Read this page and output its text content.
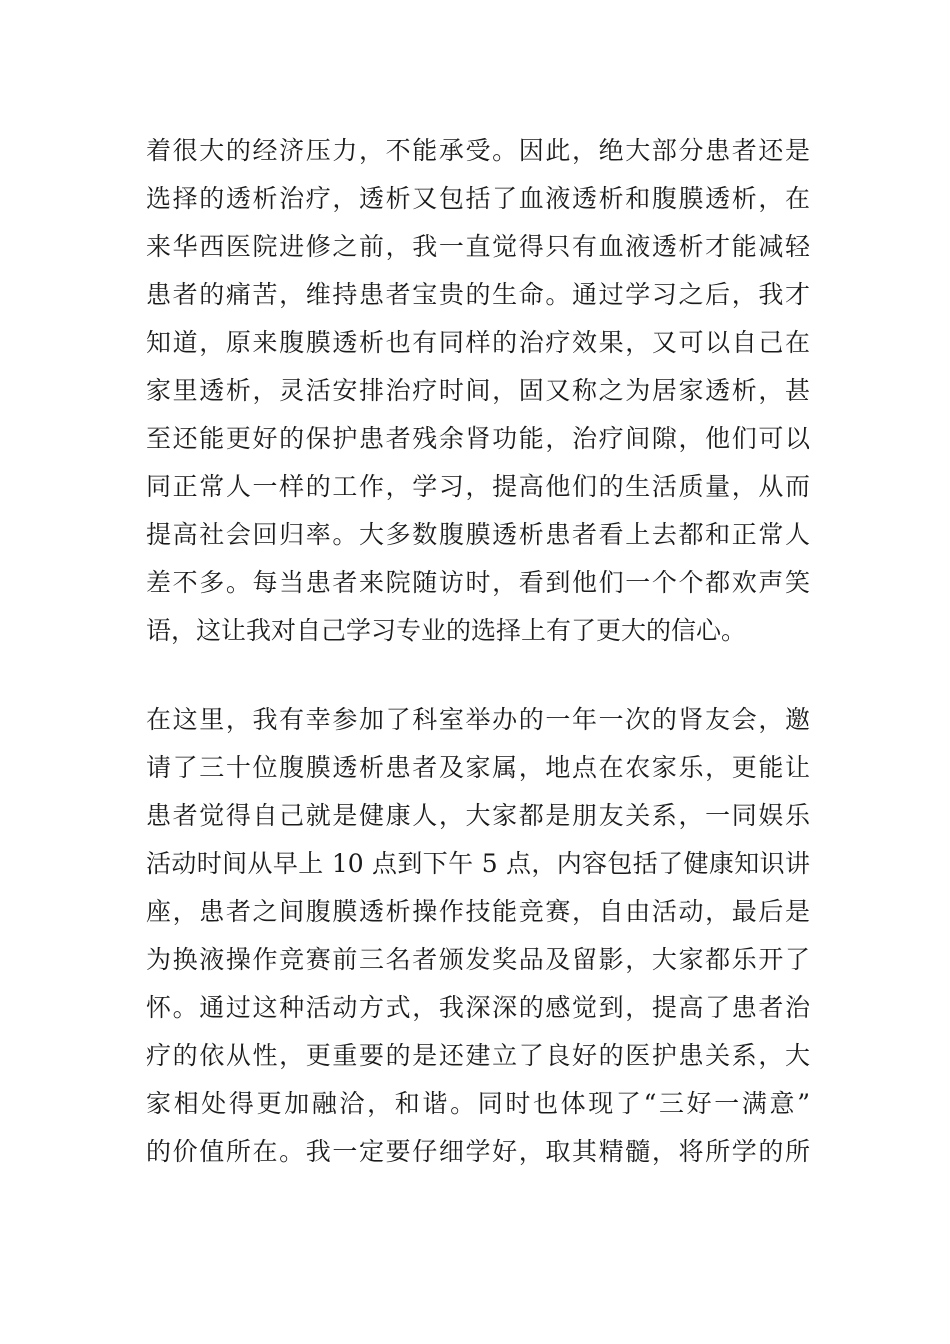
着很大的经济压力，不能承受。因此，绝大部分患者还是
选择的透析治疗，透析又包括了血液透析和腹膜透析，在
来华西医院进修之前，我一直觉得只有血液透析才能减轻
患者的痛苦，维持患者宝贵的生命。通过学习之后，我才
知道，原来腹膜透析也有同样的治疗效果，又可以自己在
家里透析，灵活安排治疗时间，固又称之为居家透析，甚
至还能更好的保护患者残余肾功能，治疗间隙，他们可以
同正常人一样的工作，学习，提高他们的生活质量，从而
提高社会回归率。大多数腹膜透析患者看上去都和正常人
差不多。每当患者来院随访时，看到他们一个个都欢声笑
语，这让我对自己学习专业的选择上有了更大的信心。
在这里，我有幸参加了科室举办的一年一次的肾友会，邀
请了三十位腹膜透析患者及家属，地点在农家乐，更能让
患者觉得自己就是健康人，大家都是朋友关系，一同娱乐
活动时间从早上 10 点到下午 5 点，内容包括了健康知识讲
座，患者之间腹膜透析操作技能竞赛，自由活动，最后是
为换液操作竞赛前三名者颁发奖品及留影，大家都乐开了
怀。通过这种活动方式，我深深的感觉到，提高了患者治
疗的依从性，更重要的是还建立了良好的医护患关系，大
家相处得更加融洽，和谐。同时也体现了“三好一满意”
的价值所在。我一定要仔细学好，取其精髓，将所学的所
